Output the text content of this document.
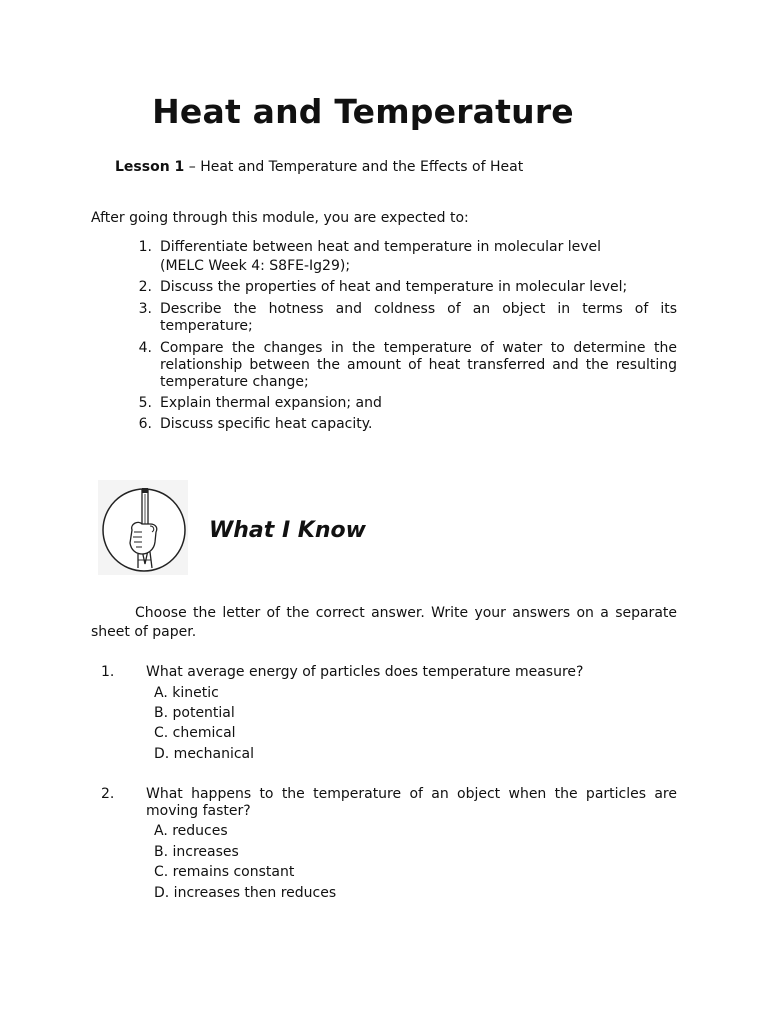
Heat and Temperature
Lesson 1 – Heat and Temperature and the Effects of Heat
After going through this module, you are expected to:
1. Differentiate between heat and temperature in molecular level
(MELC Week 4: S8FE-Ig29);
2. Discuss the properties of heat and temperature in molecular level;
3. Describe the hotness and coldness of an object in terms of its temperature;
4. Compare the changes in the temperature of water to determine the relationship between the amount of heat transferred and the resulting temperature change;
5. Explain thermal expansion; and
6. Discuss specific heat capacity.
What I Know
Choose the letter of the correct answer. Write your answers on a separate sheet of paper.
1. What average energy of particles does temperature measure?
A. kinetic
B. potential
C. chemical
D. mechanical
2. What happens to the temperature of an object when the particles are moving faster?
A. reduces
B. increases
C. remains constant
D. increases then reduces
